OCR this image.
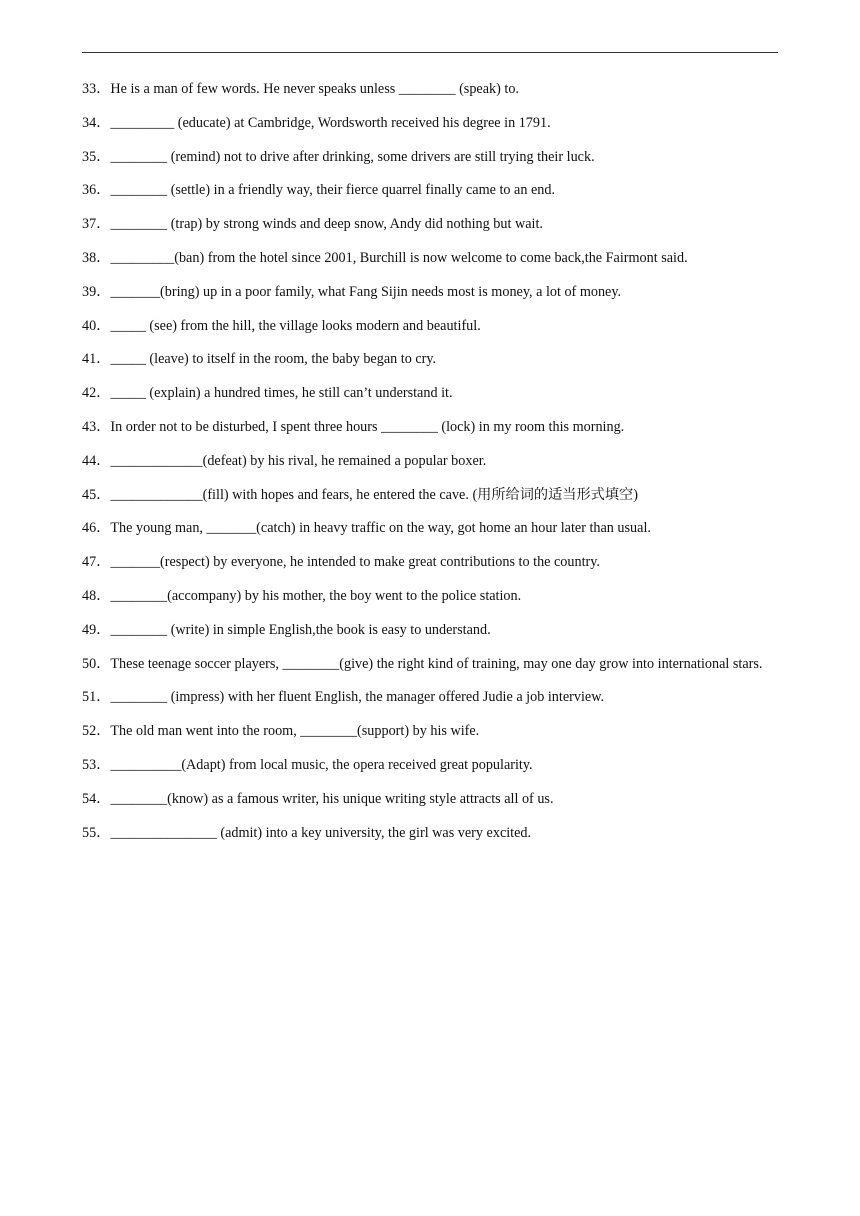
33．He is a man of few words. He never speaks unless ________ (speak) to.
34．_________ (educate) at Cambridge, Wordsworth received his degree in 1791.
35．________ (remind) not to drive after drinking, some drivers are still trying their luck.
36．________ (settle) in a friendly way, their fierce quarrel finally came to an end.
37．________ (trap) by strong winds and deep snow, Andy did nothing but wait.
38．_________(ban) from the hotel since 2001, Burchill is now welcome to come back,the Fairmont said.
39．_______(bring) up in a poor family, what Fang Sijin needs most is money, a lot of money.
40．_____ (see) from the hill, the village looks modern and beautiful.
41．_____ (leave) to itself in the room, the baby began to cry.
42．_____ (explain) a hundred times, he still can’t understand it.
43．In order not to be disturbed, I spent three hours ________ (lock) in my room this morning.
44．_____________(defeat) by his rival, he remained a popular boxer.
45．_____________(fill) with hopes and fears, he entered the cave. (用所给词的适当形式填空)
46．The young man, _______(catch) in heavy traffic on the way, got home an hour later than usual.
47．_______(respect) by everyone, he intended to make great contributions to the country.
48．________(accompany) by his mother, the boy went to the police station.
49．________ (write) in simple English,the book is easy to understand.
50．These teenage soccer players, ________(give) the right kind of training, may one day grow into international stars.
51．________ (impress) with her fluent English, the manager offered Judie a job interview.
52．The old man went into the room, ________(support) by his wife.
53．__________(Adapt) from local music, the opera received great popularity.
54．________(know) as a famous writer, his unique writing style attracts all of us.
55．_______________ (admit) into a key university, the girl was very excited.
